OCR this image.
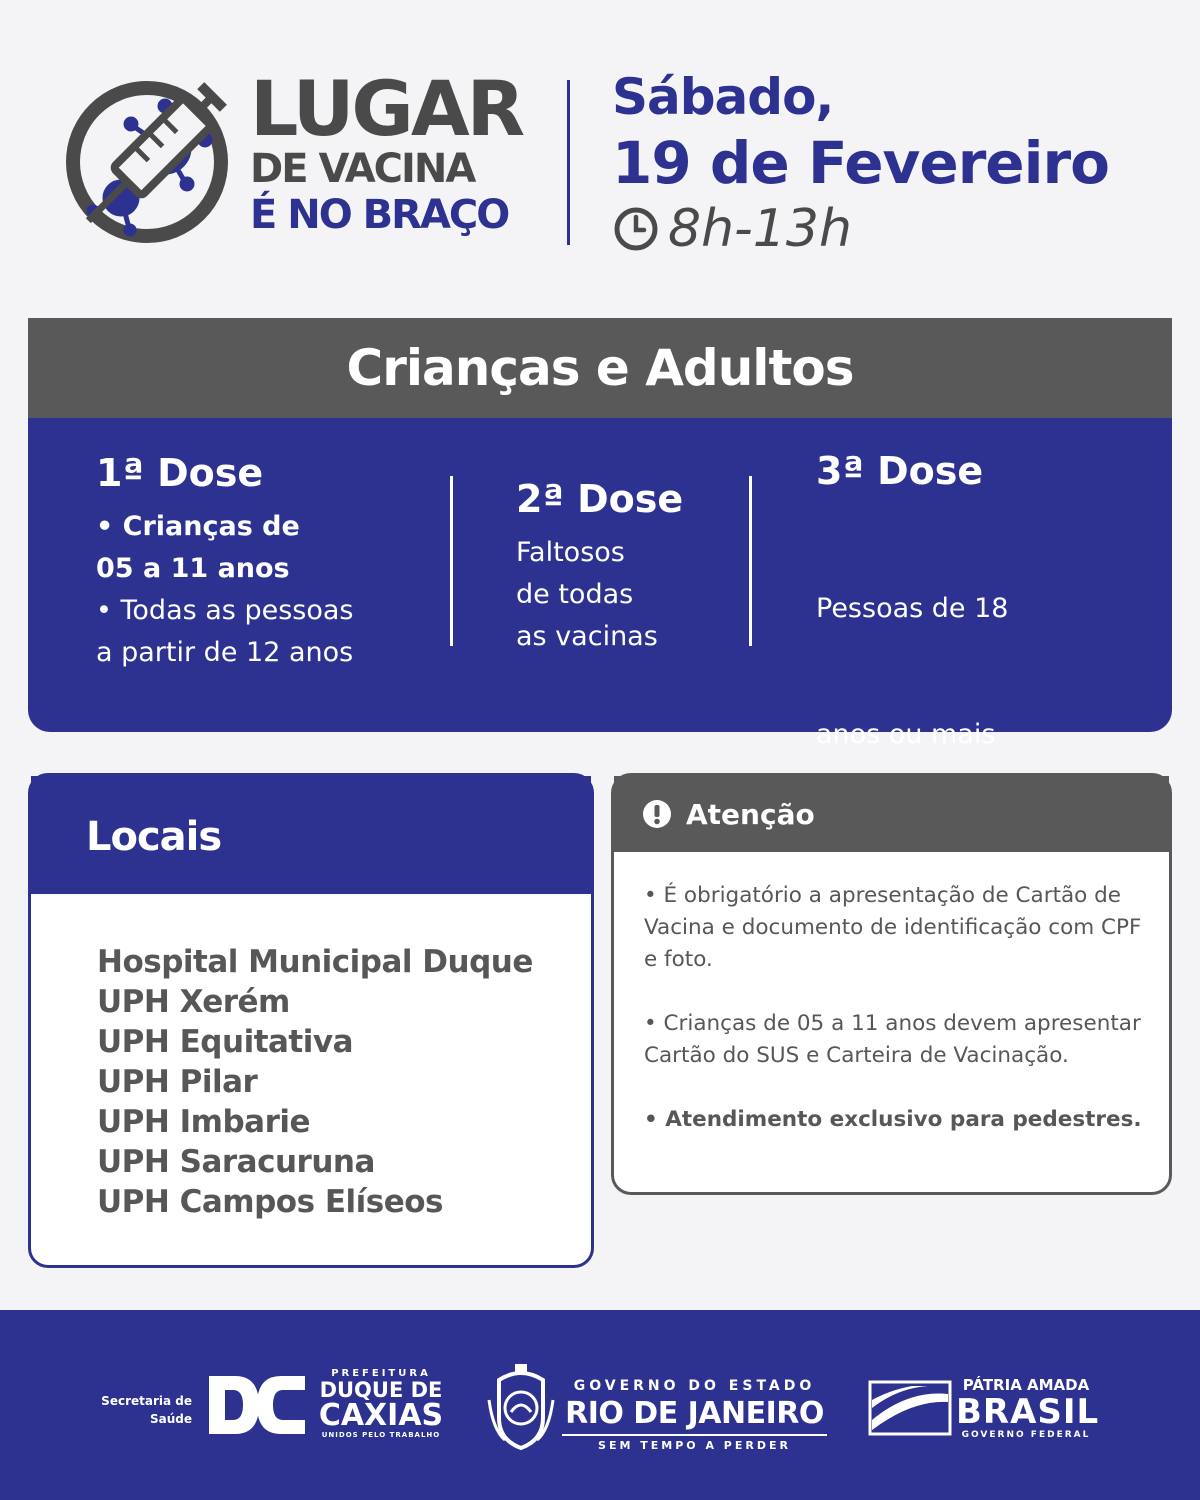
LUGAR
DE VACINA
É NO BRAÇO
Sábado,
19 de Fevereiro
8h-13h
Crianças e Adultos
1ª Dose
• Crianças de
05 a 11 anos
• Todas as pessoas
a partir de 12 anos
2ª Dose
Faltosos
de todas
as vacinas
3ª Dose

Pessoas de 18

anos ou mais

Locais
Hospital Municipal Duque
UPH Xerém
UPH Equitativa
UPH Pilar
UPH Imbarie
UPH Saracuruna
UPH Campos Elíseos
Atenção
• É obrigatório a apresentação de Cartão de Vacina e documento de identificação com CPF e foto.
• Crianças de 05 a 11 anos devem apresentar Cartão do SUS e Carteira de Vacinação.
• Atendimento exclusivo para pedestres.
Secretaria de
Saúde
PREFEITURA
DUQUE DE
CAXIAS
UNIDOS PELO TRABALHO
GOVERNO DO ESTADO
RIO DE JANEIRO
SEM TEMPO A PERDER
PÁTRIA AMADA
BRASIL
GOVERNO FEDERAL
